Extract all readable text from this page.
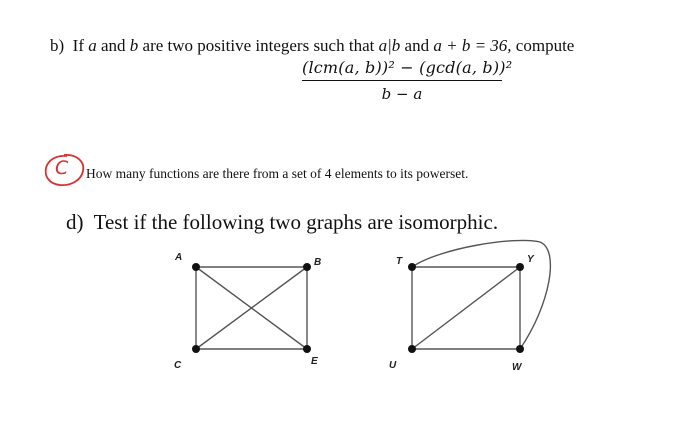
b) If a and b are two positive integers such that a|b and a + b = 36, compute
(lcm(a, b))² − (gcd(a, b))²
b − a
C How many functions are there from a set of 4 elements to its powerset.
d) Test if the following two graphs are isomorphic.
A	B
C	E
T	Y
U	W
